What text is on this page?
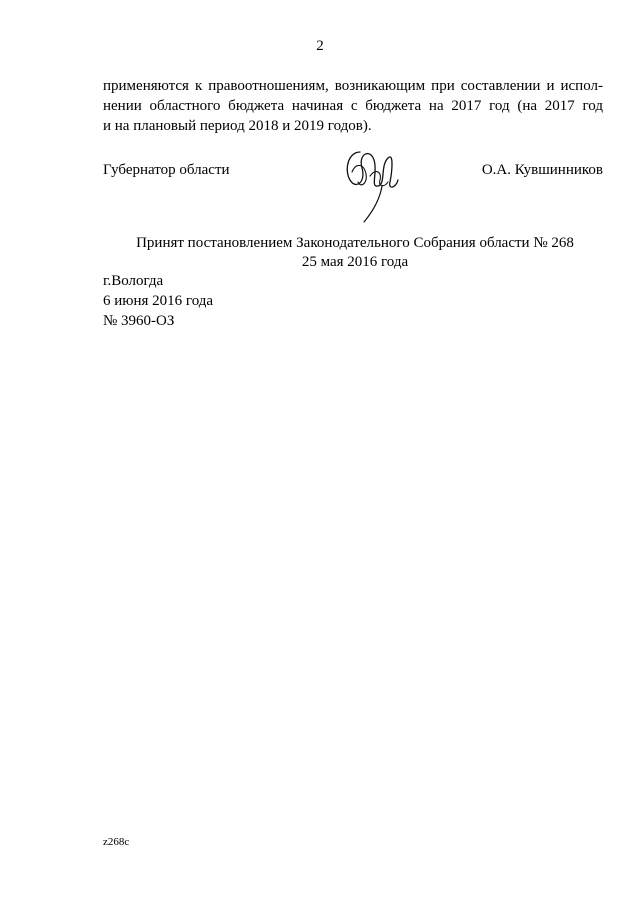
2
применяются к правоотношениям, возникающим при составлении и испол-
нении областного бюджета начиная с бюджета на 2017 год (на 2017 год
и на плановый период 2018 и 2019 годов).
Губернатор области	О.А. Кувшинников
Принят постановлением Законодательного Собрания области № 268
25 мая 2016 года
г.Вологда
6 июня 2016 года
№ 3960-ОЗ
z268c
